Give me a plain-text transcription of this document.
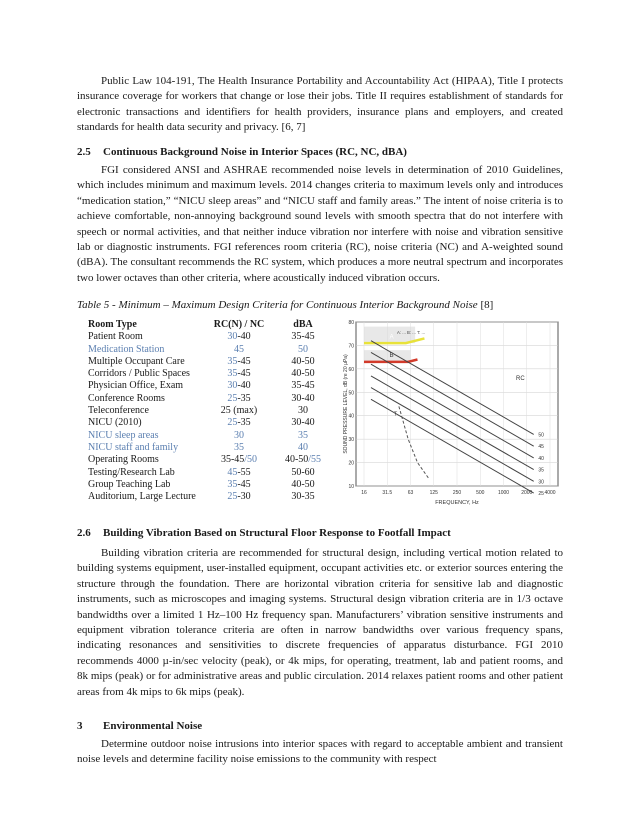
Public Law 104-191, The Health Insurance Portability and Accountability Act (HIPAA), Title I protects insurance coverage for workers that change or lose their jobs. Title II requires establishment of standards for electronic transactions and identifiers for health providers, insurance plans and employers, and created standards for health data security and privacy. [6, 7]

2.5 Continuous Background Noise in Interior Spaces (RC, NC, dBA)

FGI considered ANSI and ASHRAE recommended noise levels in determination of 2010 Guidelines, which includes minimum and maximum levels. 2014 changes criteria to maximum levels only and introduces “medication station,” “NICU sleep areas” and “NICU staff and family areas.” The intent of noise criteria is to achieve comfortable, non-annoying background sound levels with smooth spectra that do not interfere with speech or normal activities, and that neither induce vibration nor interfere with noise and vibration sensitive lab or diagnostic instruments. FGI references room criteria (RC), noise criteria (NC) and A-weighted sound (dBA). The consultant recommends the RC system, which produces a more neutral spectrum and incorporates two lower octaves than other criteria, where acoustically induced vibration occurs.

Table 5 - Minimum – Maximum Design Criteria for Continuous Interior Background Noise [8]

Room Type	RC(N) / NC	dBA
Patient Room	30-40	35-45
Medication Station	45	50
Multiple Occupant Care	35-45	40-50
Corridors / Public Spaces	35-45	40-50
Physician Office, Exam	30-40	35-45
Conference Rooms	25-35	30-40
Teleconference	25 (max)	30
NICU (2010)	25-35	30-40
NICU sleep areas	30	35
NICU staff and family	35	40
Operating Rooms	35-45/50	40-50/55
Testing/Research Lab	45-55	50-60
Group Teaching Lab	35-45	40-50
Auditorium, Large Lecture	25-30	30-35
A
B
50
45
40
35
30
25
T
10
20
30
40
50
60
70
80
16	31.5	63	125	250	500	1000 2000 4000
SOUND PRESSURE LEVEL, dB (re 20 µPa)
FREQUENCY, Hz
RC
A: ... B: ... T: ...

2.6 Building Vibration Based on Structural Floor Response to Footfall Impact

Building vibration criteria are recommended for structural design, including vertical motion related to building systems equipment, user-installed equipment, occupant activities etc. or exterior sources entering the structure through the foundation. There are horizontal vibration criteria for sensitive lab and diagnostic instruments, such as microscopes and imaging systems. Structural design vibration criteria are in 1/3 octave bandwidths over a limited 1 Hz–100 Hz frequency span. Manufacturers’ vibration sensitive instruments and equipment vibration tolerance criteria are often in narrow bandwidths over various frequency spans, indicating resonances and sensitivities to discrete frequencies of apparatus disturbance. FGI 2010 recommends 4000 µ-in/sec velocity (peak), or 4k mips, for operating, treatment, lab and patient rooms, and 8k mips (peak) or for administrative areas and public circulation. 2014 relaxes patient rooms and other patient areas from 4k mips to 6k mips (peak).

3 Environmental Noise

Determine outdoor noise intrusions into interior spaces with regard to acceptable ambient and transient noise levels and determine facility noise emissions to the community with respect
